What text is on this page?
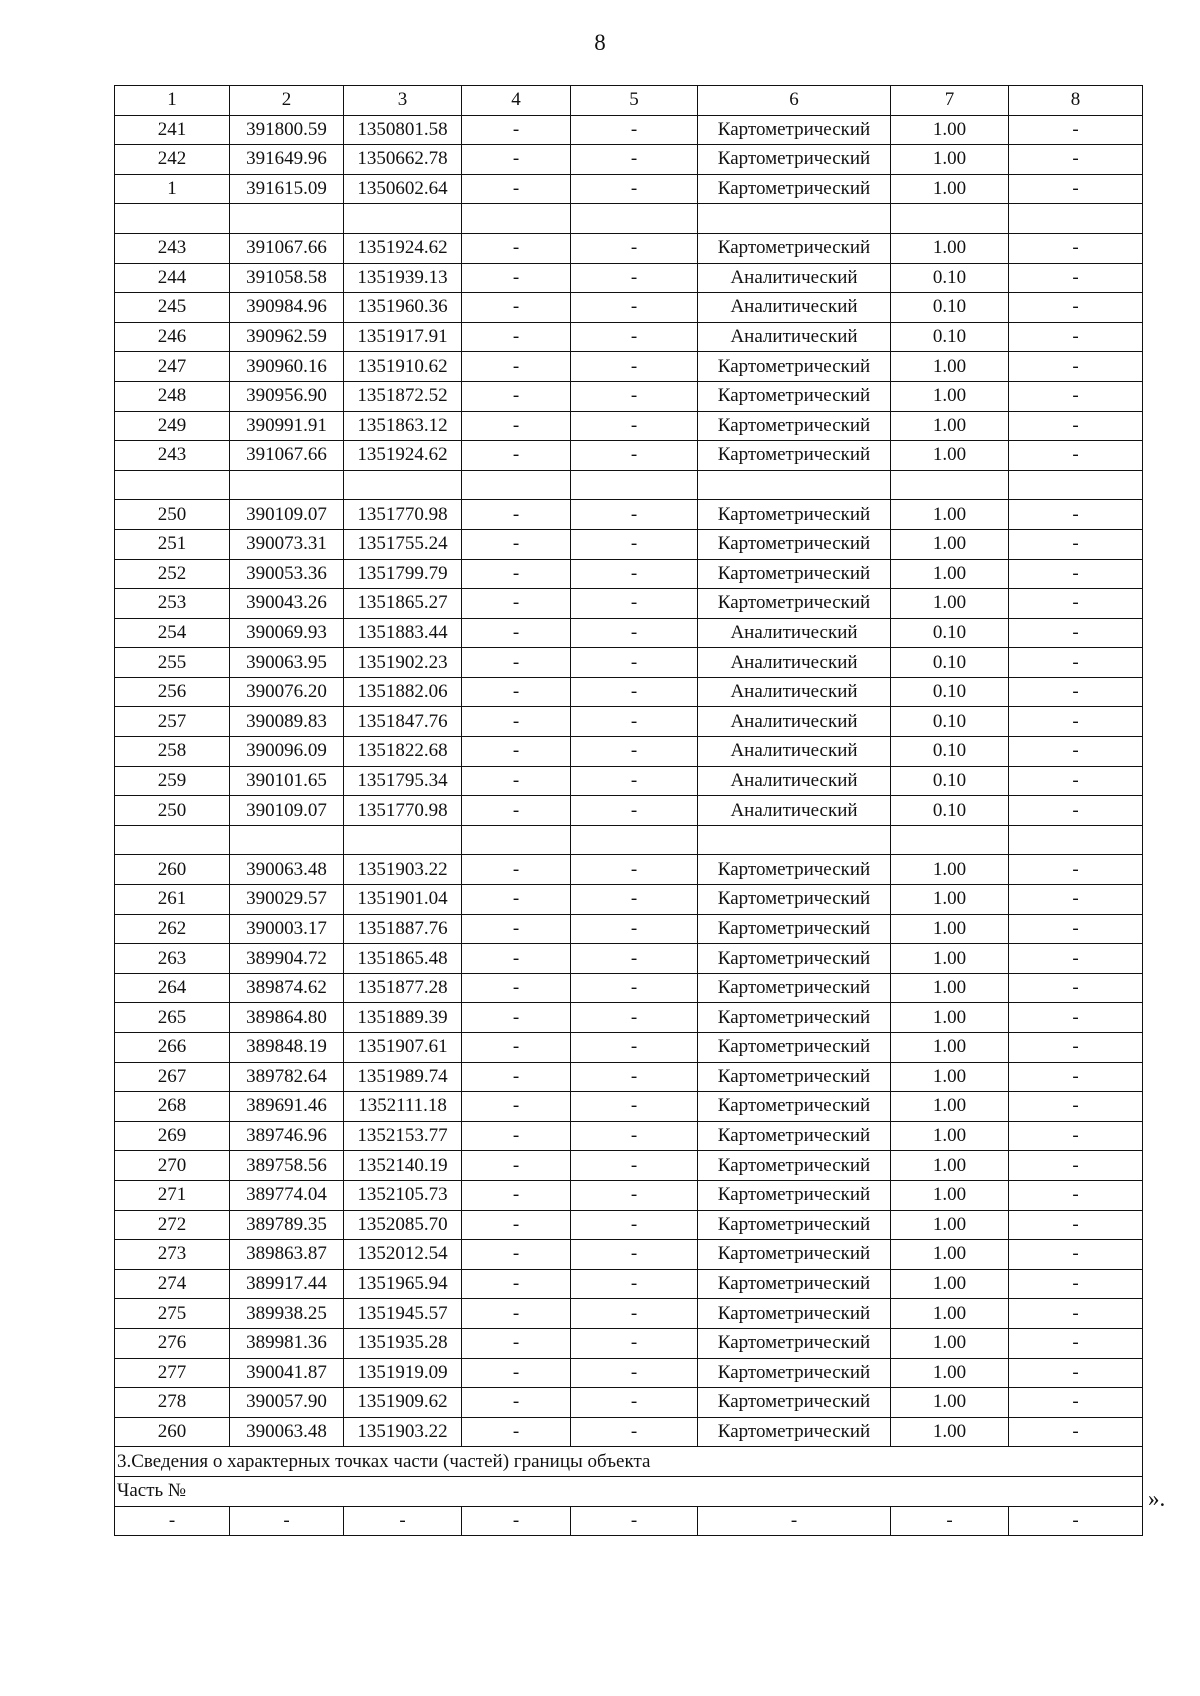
8
1	2	3	4	5	6	7	8
241	391800.59	1350801.58	-	-	Картометрический	1.00	-
242	391649.96	1350662.78	-	-	Картометрический	1.00	-
1	391615.09	1350602.64	-	-	Картометрический	1.00	-

243	391067.66	1351924.62	-	-	Картометрический	1.00	-
244	391058.58	1351939.13	-	-	Аналитический	0.10	-
245	390984.96	1351960.36	-	-	Аналитический	0.10	-
246	390962.59	1351917.91	-	-	Аналитический	0.10	-
247	390960.16	1351910.62	-	-	Картометрический	1.00	-
248	390956.90	1351872.52	-	-	Картометрический	1.00	-
249	390991.91	1351863.12	-	-	Картометрический	1.00	-
243	391067.66	1351924.62	-	-	Картометрический	1.00	-

250	390109.07	1351770.98	-	-	Картометрический	1.00	-
251	390073.31	1351755.24	-	-	Картометрический	1.00	-
252	390053.36	1351799.79	-	-	Картометрический	1.00	-
253	390043.26	1351865.27	-	-	Картометрический	1.00	-
254	390069.93	1351883.44	-	-	Аналитический	0.10	-
255	390063.95	1351902.23	-	-	Аналитический	0.10	-
256	390076.20	1351882.06	-	-	Аналитический	0.10	-
257	390089.83	1351847.76	-	-	Аналитический	0.10	-
258	390096.09	1351822.68	-	-	Аналитический	0.10	-
259	390101.65	1351795.34	-	-	Аналитический	0.10	-
250	390109.07	1351770.98	-	-	Аналитический	0.10	-

260	390063.48	1351903.22	-	-	Картометрический	1.00	-
261	390029.57	1351901.04	-	-	Картометрический	1.00	-
262	390003.17	1351887.76	-	-	Картометрический	1.00	-
263	389904.72	1351865.48	-	-	Картометрический	1.00	-
264	389874.62	1351877.28	-	-	Картометрический	1.00	-
265	389864.80	1351889.39	-	-	Картометрический	1.00	-
266	389848.19	1351907.61	-	-	Картометрический	1.00	-
267	389782.64	1351989.74	-	-	Картометрический	1.00	-
268	389691.46	1352111.18	-	-	Картометрический	1.00	-
269	389746.96	1352153.77	-	-	Картометрический	1.00	-
270	389758.56	1352140.19	-	-	Картометрический	1.00	-
271	389774.04	1352105.73	-	-	Картометрический	1.00	-
272	389789.35	1352085.70	-	-	Картометрический	1.00	-
273	389863.87	1352012.54	-	-	Картометрический	1.00	-
274	389917.44	1351965.94	-	-	Картометрический	1.00	-
275	389938.25	1351945.57	-	-	Картометрический	1.00	-
276	389981.36	1351935.28	-	-	Картометрический	1.00	-
277	390041.87	1351919.09	-	-	Картометрический	1.00	-
278	390057.90	1351909.62	-	-	Картометрический	1.00	-
260	390063.48	1351903.22	-	-	Картометрический	1.00	-
3.Сведения о характерных точках части (частей) границы объекта							
Часть №							
-	-	-	-	-	-	-	-
».
